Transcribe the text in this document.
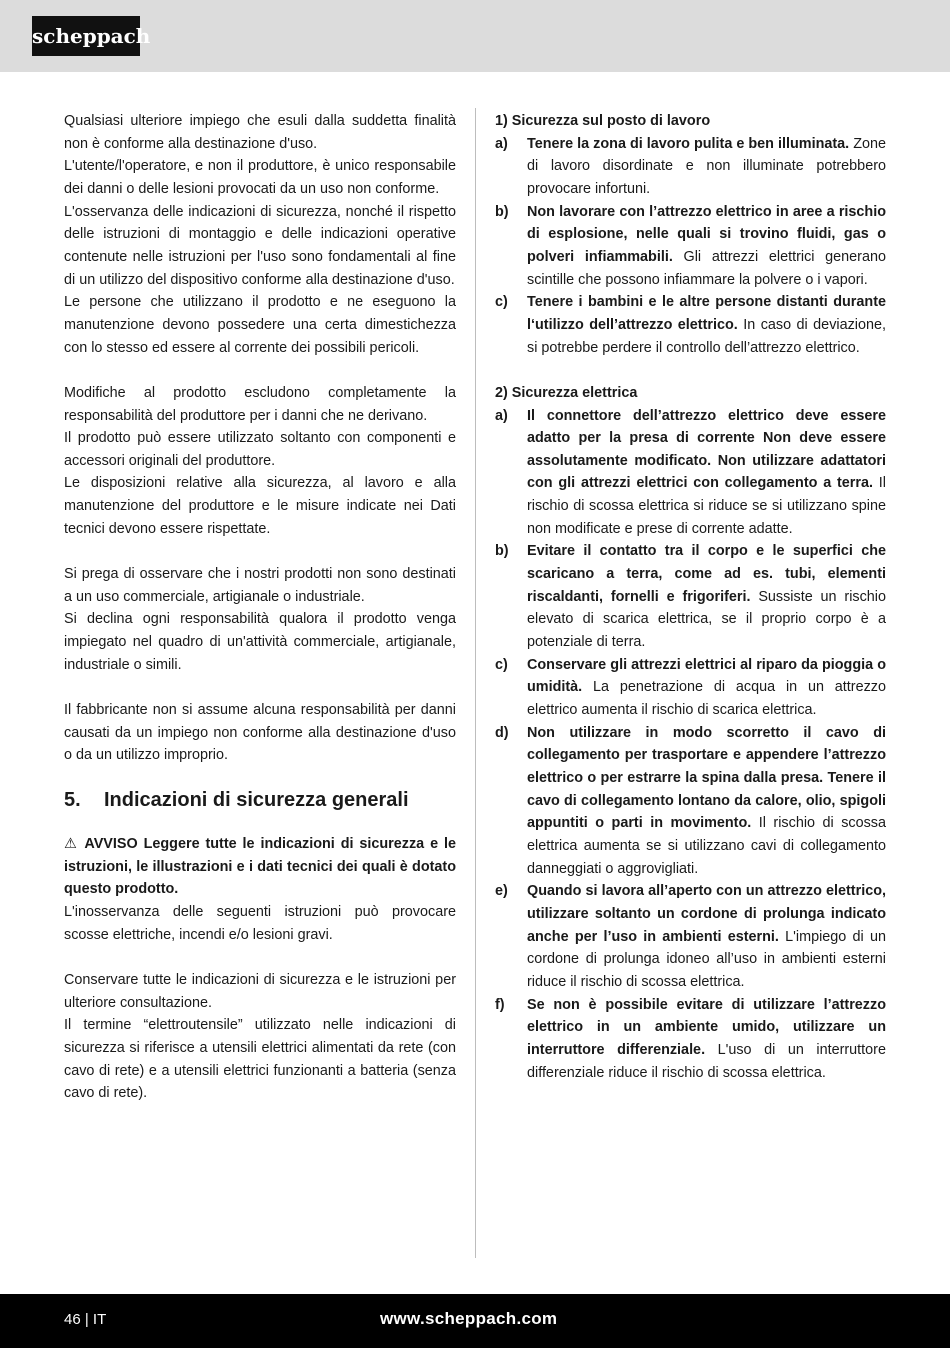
scheppach

Qualsiasi ulteriore impiego che esuli dalla suddetta finalità non è conforme alla destinazione d'uso.

L'utente/l'operatore, e non il produttore, è unico responsabile dei danni o delle lesioni provocati da un uso non conforme.

L'osservanza delle indicazioni di sicurezza, nonché il rispetto delle istruzioni di montaggio e delle indicazioni operative contenute nelle istruzioni per l'uso sono fondamentali al fine di un utilizzo del dispositivo conforme alla destinazione d'uso.

Le persone che utilizzano il prodotto e ne eseguono la manutenzione devono possedere una certa dimestichezza con lo stesso ed essere al corrente dei possibili pericoli.

Modifiche al prodotto escludono completamente la responsabilità del produttore per i danni che ne derivano.

Il prodotto può essere utilizzato soltanto con componenti e accessori originali del produttore.

Le disposizioni relative alla sicurezza, al lavoro e alla manutenzione del produttore e le misure indicate nei Dati tecnici devono essere rispettate.

Si prega di osservare che i nostri prodotti non sono destinati a un uso commerciale, artigianale o industriale.

Si declina ogni responsabilità qualora il prodotto venga impiegato nel quadro di un'attività commerciale, artigianale, industriale o simili.

Il fabbricante non si assume alcuna responsabilità per danni causati da un impiego non conforme alla destinazione d'uso o da un utilizzo improprio.

5.	Indicazioni di sicurezza generali

⚠ AVVISO Leggere tutte le indicazioni di sicurezza e le istruzioni, le illustrazioni e i dati tecnici dei quali è dotato questo prodotto.

L'inosservanza delle seguenti istruzioni può provocare scosse elettriche, incendi e/o lesioni gravi.

Conservare tutte le indicazioni di sicurezza e le istruzioni per ulteriore consultazione.

Il termine “elettroutensile” utilizzato nelle indicazioni di sicurezza si riferisce a utensili elettrici alimentati da rete (con cavo di rete) e a utensili elettrici funzionanti a batteria (senza cavo di rete).

1) Sicurezza sul posto di lavoro

a)	Tenere la zona di lavoro pulita e ben illuminata. Zone di lavoro disordinate e non illuminate potrebbero provocare infortuni.
b)	Non lavorare con l’attrezzo elettrico in aree a rischio di esplosione, nelle quali si trovino fluidi, gas o polveri infiammabili. Gli attrezzi elettrici generano scintille che possono infiammare la polvere o i vapori.
c)	Tenere i bambini e le altre persone distanti durante l‘utilizzo dell’attrezzo elettrico. In caso di deviazione, si potrebbe perdere il controllo dell’attrezzo elettrico.

2) Sicurezza elettrica

a)	Il connettore dell’attrezzo elettrico deve essere adatto per la presa di corrente Non deve essere assolutamente modificato. Non utilizzare adattatori con gli attrezzi elettrici con collegamento a terra. Il rischio di scossa elettrica si riduce se si utilizzano spine non modificate e prese di corrente adatte.
b)	Evitare il contatto tra il corpo e le superfici che scaricano a terra, come ad es. tubi, elementi riscaldanti, fornelli e frigoriferi. Sussiste un rischio elevato di scarica elettrica, se il proprio corpo è a potenziale di terra.
c)	Conservare gli attrezzi elettrici al riparo da pioggia o umidità. La penetrazione di acqua in un attrezzo elettrico aumenta il rischio di scarica elettrica.
d)	Non utilizzare in modo scorretto il cavo di collegamento per trasportare e appendere l’attrezzo elettrico o per estrarre la spina dalla presa. Tenere il cavo di collegamento lontano da calore, olio, spigoli appuntiti o parti in movimento. Il rischio di scossa elettrica aumenta se si utilizzano cavi di collegamento danneggiati o aggrovigliati.
e)	Quando si lavora all’aperto con un attrezzo elettrico, utilizzare soltanto un cordone di prolunga indicato anche per l’uso in ambienti esterni. L'impiego di un cordone di prolunga idoneo all’uso in ambienti esterni riduce il rischio di scossa elettrica.
f)	Se non è possibile evitare di utilizzare l’attrezzo elettrico in un ambiente umido, utilizzare un interruttore differenziale. L'uso di un interruttore differenziale riduce il rischio di scossa elettrica.
46 | IT	www.scheppach.com
